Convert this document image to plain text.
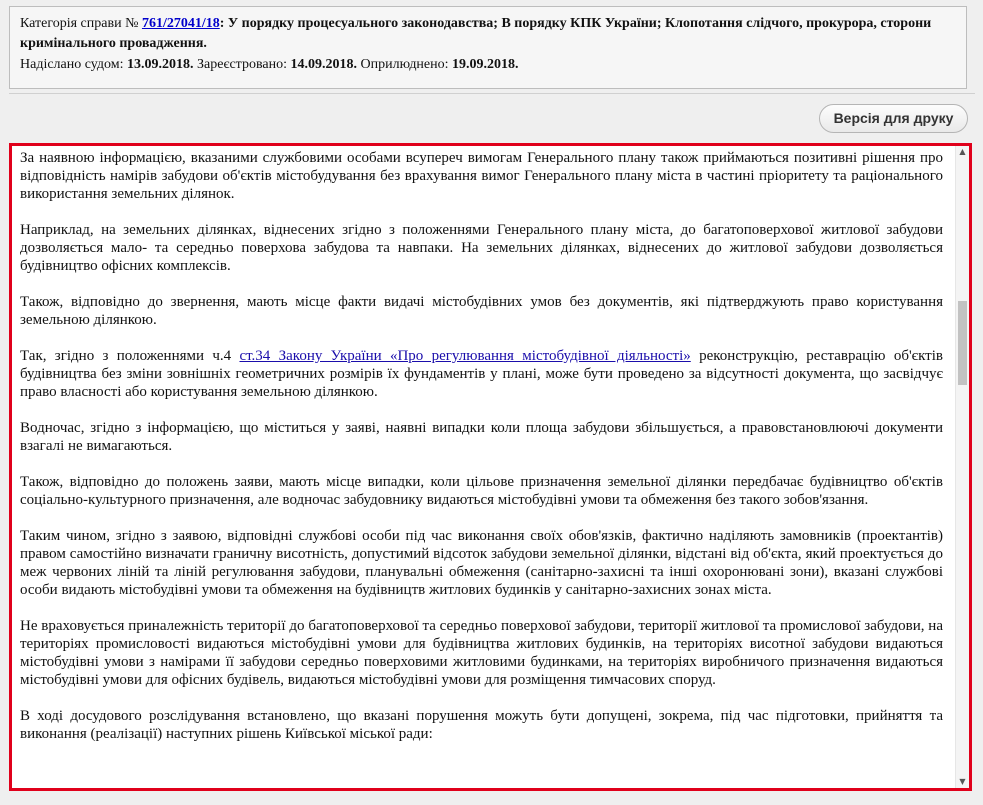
Категорія справи № 761/27041/18: У порядку процесуального законодавства; В порядку КПК України; Клопотання слідчого, прокурора, сторони кримінального провадження.
Надіслано судом: 13.09.2018. Зареєстровано: 14.09.2018. Оприлюднено: 19.09.2018.
Версія для друку

За наявною інформацією, вказаними службовими особами всупереч вимогам Генерального плану також приймаються позитивні рішення про відповідність намірів забудови об'єктів містобудування без врахування вимог Генерального плану міста в частині пріоритету та раціонального використання земельних ділянок.

Наприклад, на земельних ділянках, віднесених згідно з положеннями Генерального плану міста, до багатоповерхової житлової забудови дозволяється мало- та середньо поверхова забудова та навпаки. На земельних ділянках, віднесених до житлової забудови дозволяється будівництво офісних комплексів.

Також, відповідно до звернення, мають місце факти видачі містобудівних умов без документів, які підтверджують право користування земельною ділянкою.

Так, згідно з положеннями ч.4 ст.34 Закону України «Про регулювання містобудівної діяльності» реконструкцію, реставрацію об'єктів будівництва без зміни зовнішніх геометричних розмірів їх фундаментів у плані, може бути проведено за відсутності документа, що засвідчує право власності або користування земельною ділянкою.

Водночас, згідно з інформацією, що міститься у заяві, наявні випадки коли площа забудови збільшується, а правовстановлюючі документи взагалі не вимагаються.

Також, відповідно до положень заяви, мають місце випадки, коли цільове призначення земельної ділянки передбачає будівництво об'єктів соціально-культурного призначення, але водночас забудовнику видаються містобудівні умови та обмеження без такого зобов'язання.

Таким чином, згідно з заявою, відповідні службові особи під час виконання своїх обов'язків, фактично наділяють замовників (проектантів) правом самостійно визначати граничну висотність, допустимий відсоток забудови земельної ділянки, відстані від об'єкта, який проектується до меж червоних ліній та ліній регулювання забудови, планувальні обмеження (санітарно-захисні та інші охоронювані зони), вказані службові особи видають містобудівні умови та обмеження на будівництв житлових будинків у санітарно-захисних зонах міста.

Не враховується приналежність території до багатоповерхової та середньо поверхової забудови, території житлової та промислової забудови, на територіях промисловості видаються містобудівні умови для будівництва житлових будинків, на територіях висотної забудови видаються містобудівні умови з намірами її забудови середньо поверховими житловими будинками, на територіях виробничого призначення видаються містобудівні умови для офісних будівель, видаються містобудівні умови для розміщення тимчасових споруд.

В ході досудового розслідування встановлено, що вказані порушення можуть бути допущені, зокрема, під час підготовки, прийняття та виконання (реалізації) наступних рішень Київської міської ради:

▲
▼
